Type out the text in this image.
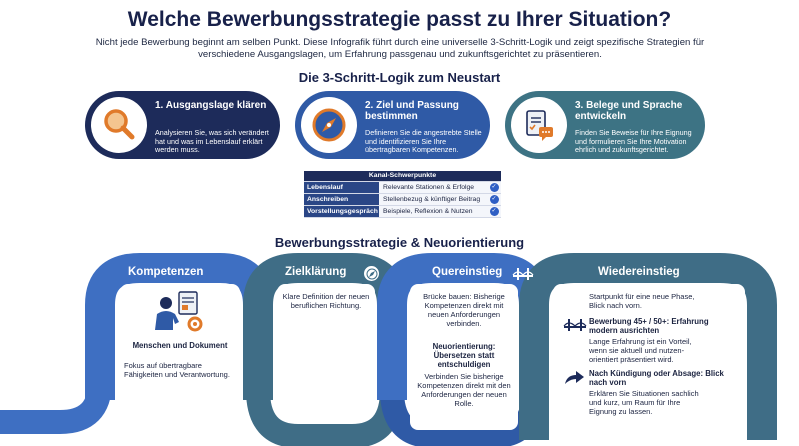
Welche Bewerbungsstrategie passt zu Ihrer Situation?
Nicht jede Bewerbung beginnt am selben Punkt. Diese Infografik führt durch eine universelle 3-Schritt-Logik und zeigt spezifische Strategien für verschiedene Ausgangslagen, um Erfahrung passgenau und zukunftsgerichtet zu präsentieren.
Die 3-Schritt-Logik zum Neustart
1. Ausgangslage klären
Analysieren Sie, was sich verändert hat und was im Lebenslauf erklärt werden muss.
2. Ziel und Passung bestimmen
Definieren Sie die angestrebte Stelle und identifizieren Sie Ihre übertragbaren Kompetenzen.
3. Belege und Sprache entwickeln
Finden Sie Beweise für Ihre Eignung und formulieren Sie Ihre Motivation ehrlich und zukunftsgerichtet.
Kanal-Schwerpunkte		
Lebenslauf	Relevante Stationen & Erfolge	✓
Anschreiben	Stellenbezug & künftiger Beitrag	✓
Vorstellungsgespräch	Beispiele, Reflexion & Nutzen	✓
Bewerbungsstrategie & Neuorientierung
Kompetenzen	Zielklärung	Quereinstieg	Wiedereinstieg
Menschen und Dokument
Fokus auf übertragbare Fähigkeiten und Verantwortung.
Klare Definition der neuen beruflichen Richtung.
Brücke bauen: Bisherige Kompetenzen direkt mit neuen Anforderungen verbinden.
Neuorientierung: Übersetzen statt entschuldigen
Verbinden Sie bisherige Kompetenzen direkt mit den Anforderungen der neuen Rolle.
Startpunkt für eine neue Phase, Blick nach vorn.
Bewerbung 45+ / 50+: Erfahrung modern ausrichten
Lange Erfahrung ist ein Vorteil, wenn sie aktuell und nutzen-orientiert präsentiert wird.
Nach Kündigung oder Absage: Blick nach vorn
Erklären Sie Situationen sachlich und kurz, um Raum für Ihre Eignung zu lassen.
